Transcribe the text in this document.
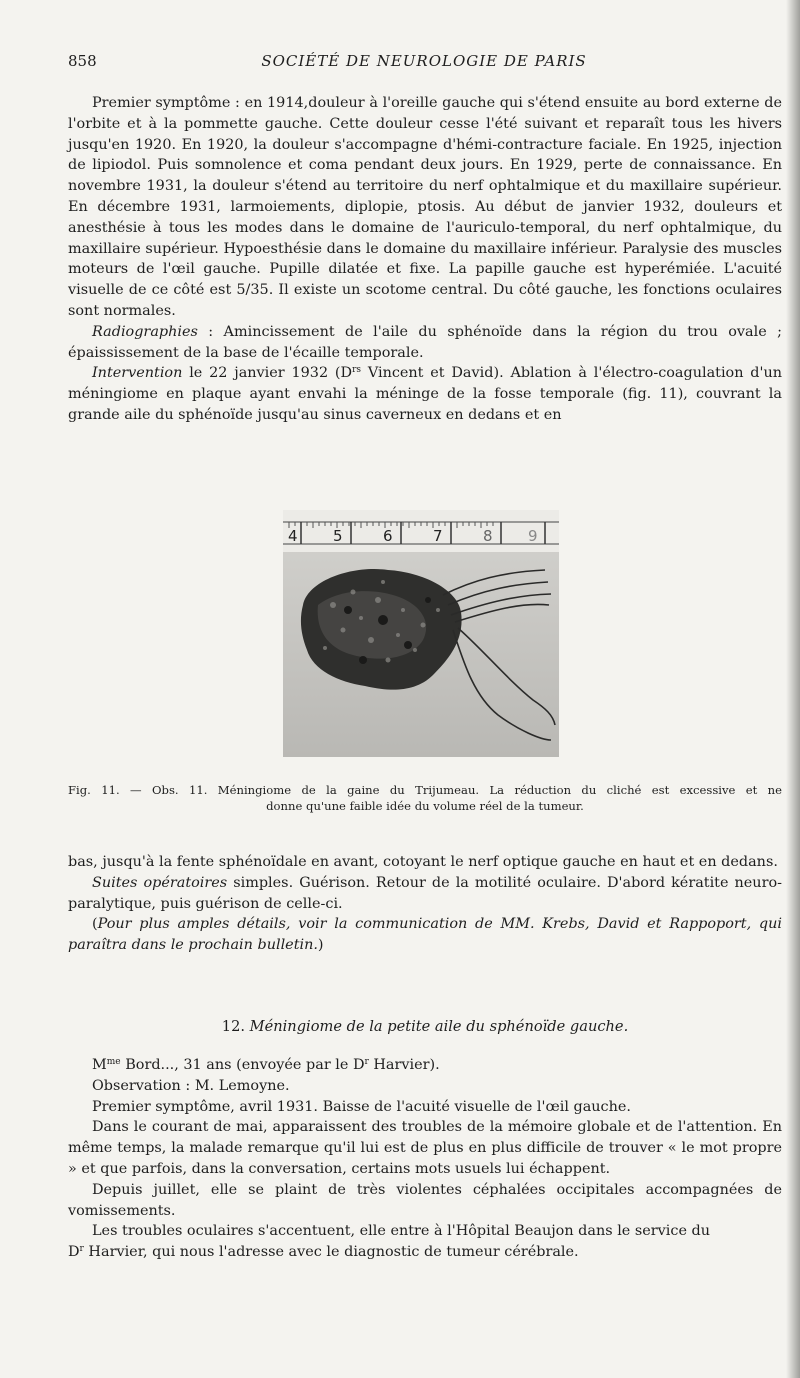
858	SOCIÉTÉ DE NEUROLOGIE DE PARIS

Premier symptôme : en 1914,douleur à l'oreille gauche qui s'étend ensuite au bord externe de l'orbite et à la pommette gauche. Cette douleur cesse l'été suivant et reparaît tous les hivers jusqu'en 1920. En 1920, la douleur s'accompagne d'hémi-contracture faciale. En 1925, injection de lipiodol. Puis somnolence et coma pendant deux jours. En 1929, perte de connaissance. En novembre 1931, la douleur s'étend au territoire du nerf ophtalmique et du maxillaire supérieur. En décembre 1931, larmoiements, diplopie, ptosis. Au début de janvier 1932, douleurs et anesthésie à tous les modes dans le domaine de l'auriculo-temporal, du nerf ophtalmique, du maxillaire supérieur. Hypoesthésie dans le domaine du maxillaire inférieur. Paralysie des muscles moteurs de l'œil gauche. Pupille dilatée et fixe. La papille gauche est hyperémiée. L'acuité visuelle de ce côté est 5/35. Il existe un scotome central. Du côté gauche, les fonctions oculaires sont normales.

Radiographies : Amincissement de l'aile du sphénoïde dans la région du trou ovale ; épaississement de la base de l'écaille temporale.

Intervention le 22 janvier 1932 ($D^{rs}$ Vincent et David). Ablation à l'électro-coagulation d'un méningiome en plaque ayant envahi la méninge de la fosse temporale (fig. 11), couvrant la grande aile du sphénoïde jusqu'au sinus caverneux en dedans et en

4 5	6	7	8 9
Fig. 11. — Obs. 11. Méningiome de la gaine du Trijumeau. La réduction du cliché est excessive et ne
donne qu'une faible idée du volume réel de la tumeur.

bas, jusqu'à la fente sphénoïdale en avant, cotoyant le nerf optique gauche en haut et en dedans.

Suites opératoires simples. Guérison. Retour de la motilité oculaire. D'abord kératite neuro-paralytique, puis guérison de celle-ci.

(Pour plus amples détails, voir la communication de MM. Krebs, David et Rappoport, qui paraîtra dans le prochain bulletin.)

12. Méningiome de la petite aile du sphénoïde gauche.

$M^{me}$ Bord..., 31 ans (envoyée par le $D^r$ Harvier).

Observation : M. Lemoyne.

Premier symptôme, avril 1931. Baisse de l'acuité visuelle de l'œil gauche.

Dans le courant de mai, apparaissent des troubles de la mémoire globale et de l'attention. En même temps, la malade remarque qu'il lui est de plus en plus difficile de trouver « le mot propre » et que parfois, dans la conversation, certains mots usuels lui échappent.

Depuis juillet, elle se plaint de très violentes céphalées occipitales accompagnées de vomissements.

Les troubles oculaires s'accentuent, elle entre à l'Hôpital Beaujon dans le service du

$D^r$ Harvier, qui nous l'adresse avec le diagnostic de tumeur cérébrale.
